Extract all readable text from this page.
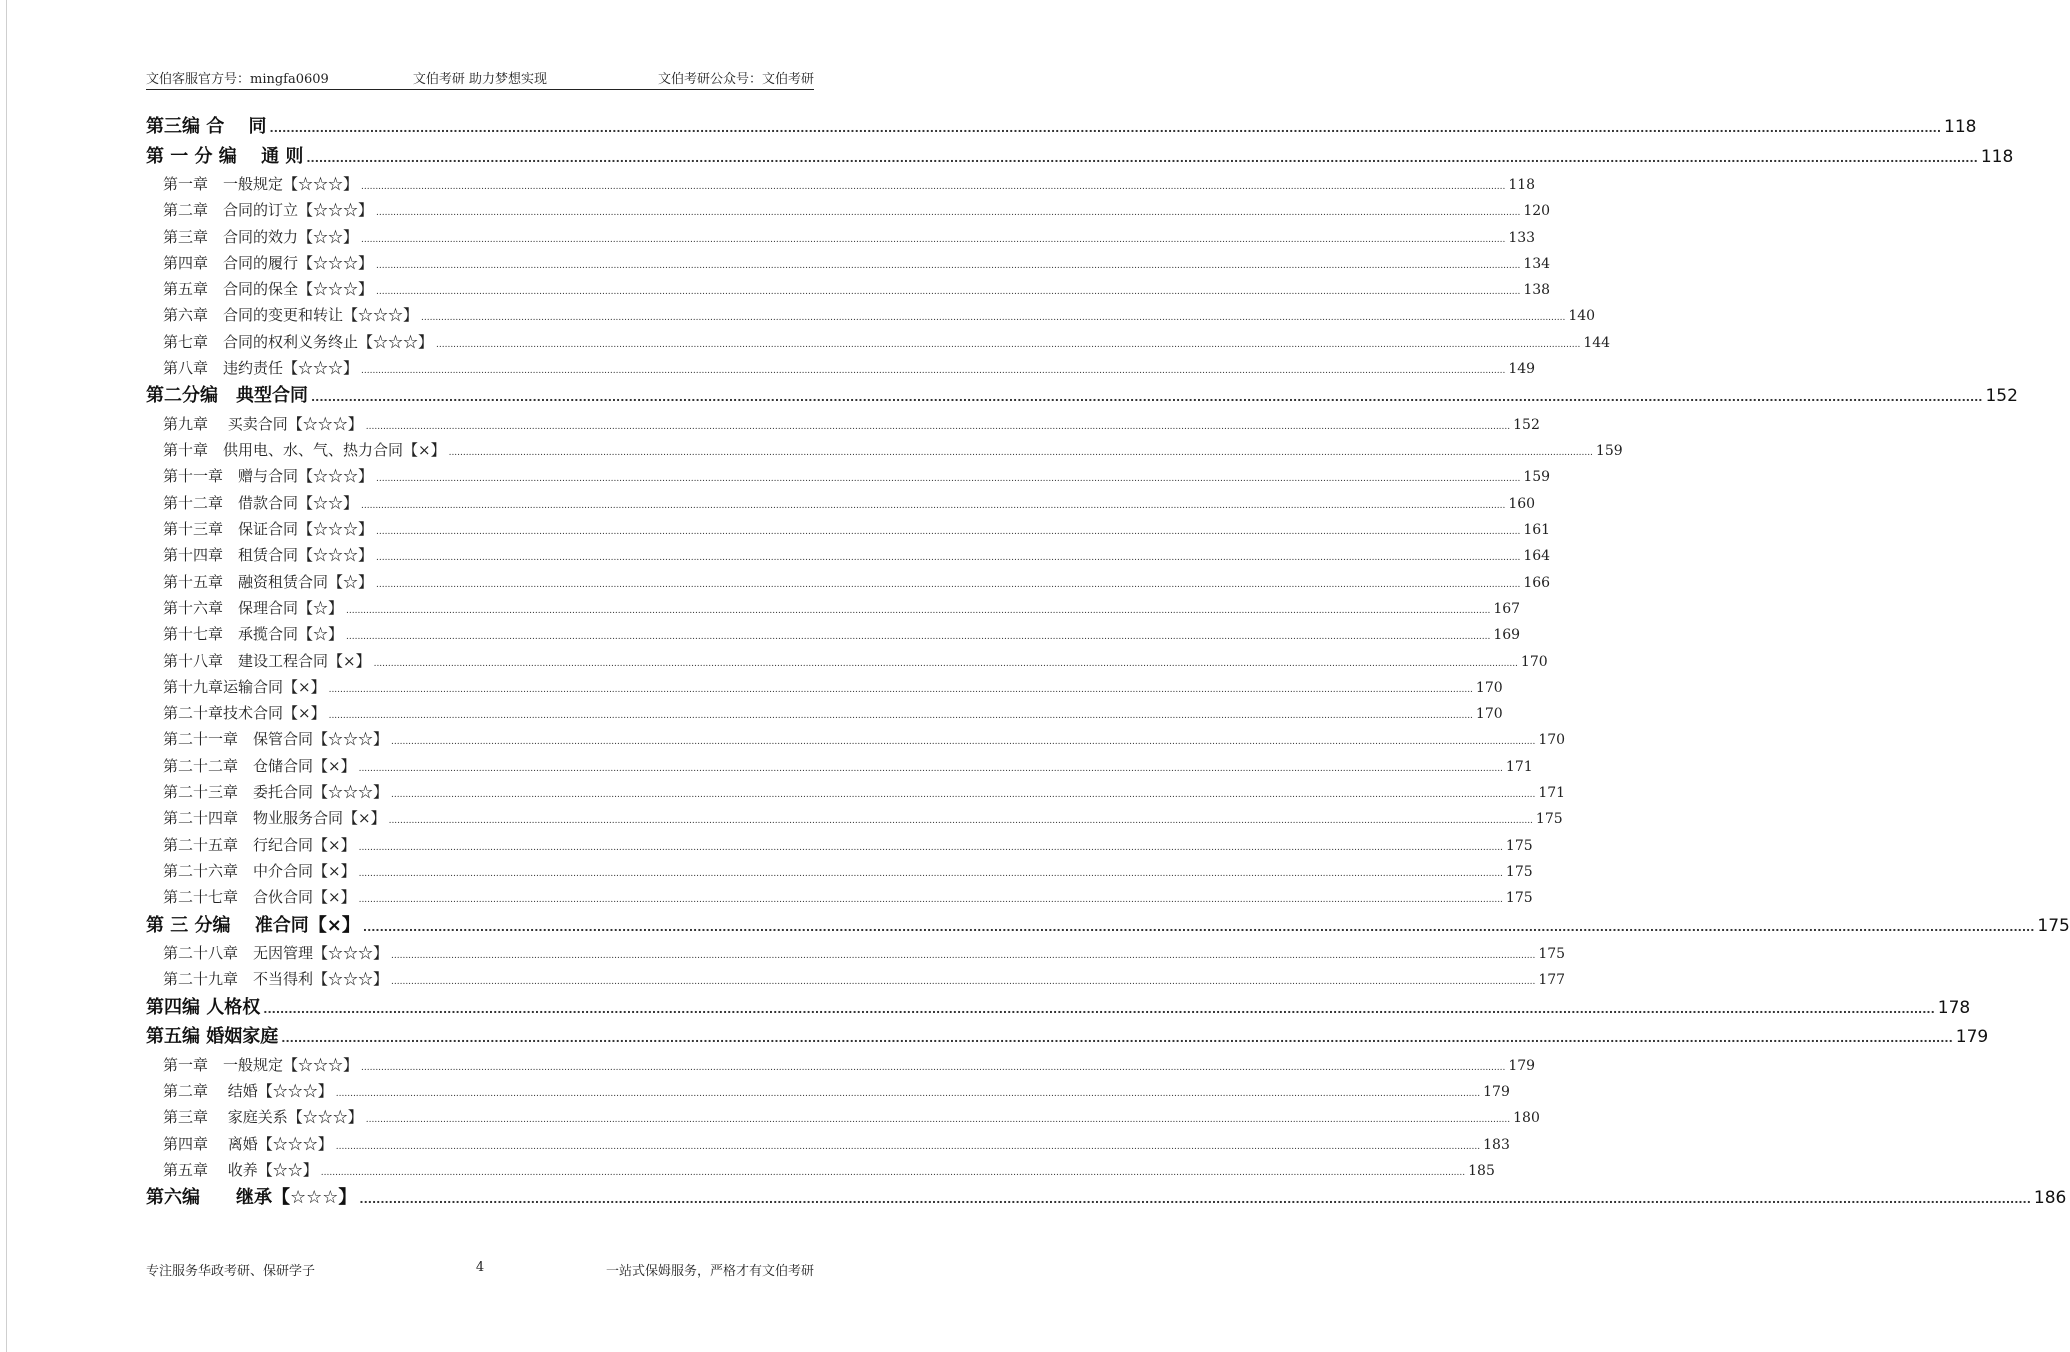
文伯客服官方号：mingfa0609	文伯考研 助力梦想实现	文伯考研公众号：文伯考研
第三编 合　 同 ................................................................................................................................................................................................................................................................................................................................................................................................................ 118
第 一 分 编　 通 则 ................................................................................................................................................................................................................................................................................................................................................................................................................ 118
第一章　一般规定【☆☆☆】 ................................................................................................................................................................................................................................................................................................................................................................................................................ 118
第二章　合同的订立【☆☆☆】 ................................................................................................................................................................................................................................................................................................................................................................................................................ 120
第三章　合同的效力【☆☆】 ................................................................................................................................................................................................................................................................................................................................................................................................................ 133
第四章　合同的履行【☆☆☆】 ................................................................................................................................................................................................................................................................................................................................................................................................................ 134
第五章　合同的保全【☆☆☆】 ................................................................................................................................................................................................................................................................................................................................................................................................................ 138
第六章　合同的变更和转让【☆☆☆】 ................................................................................................................................................................................................................................................................................................................................................................................................................ 140
第七章　合同的权利义务终止【☆☆☆】 ................................................................................................................................................................................................................................................................................................................................................................................................................ 144
第八章　违约责任【☆☆☆】 ................................................................................................................................................................................................................................................................................................................................................................................................................ 149
第二分编　典型合同 ................................................................................................................................................................................................................................................................................................................................................................................................................ 152
第九章　 买卖合同【☆☆☆】 ................................................................................................................................................................................................................................................................................................................................................................................................................ 152
第十章　供用电、水、气、热力合同【×】 ................................................................................................................................................................................................................................................................................................................................................................................................................ 159
第十一章　赠与合同【☆☆☆】 ................................................................................................................................................................................................................................................................................................................................................................................................................ 159
第十二章　借款合同【☆☆】 ................................................................................................................................................................................................................................................................................................................................................................................................................ 160
第十三章　保证合同【☆☆☆】 ................................................................................................................................................................................................................................................................................................................................................................................................................ 161
第十四章　租赁合同【☆☆☆】 ................................................................................................................................................................................................................................................................................................................................................................................................................ 164
第十五章　融资租赁合同【☆】 ................................................................................................................................................................................................................................................................................................................................................................................................................ 166
第十六章　保理合同【☆】 ................................................................................................................................................................................................................................................................................................................................................................................................................ 167
第十七章　承揽合同【☆】 ................................................................................................................................................................................................................................................................................................................................................................................................................ 169
第十八章　建设工程合同【×】 ................................................................................................................................................................................................................................................................................................................................................................................................................ 170
第十九章运输合同【×】 ................................................................................................................................................................................................................................................................................................................................................................................................................ 170
第二十章技术合同【×】 ................................................................................................................................................................................................................................................................................................................................................................................................................ 170
第二十一章　保管合同【☆☆☆】 ................................................................................................................................................................................................................................................................................................................................................................................................................ 170
第二十二章　仓储合同【×】 ................................................................................................................................................................................................................................................................................................................................................................................................................ 171
第二十三章　委托合同【☆☆☆】 ................................................................................................................................................................................................................................................................................................................................................................................................................ 171
第二十四章　物业服务合同【×】 ................................................................................................................................................................................................................................................................................................................................................................................................................ 175
第二十五章　行纪合同【×】 ................................................................................................................................................................................................................................................................................................................................................................................................................ 175
第二十六章　中介合同【×】 ................................................................................................................................................................................................................................................................................................................................................................................................................ 175
第二十七章　合伙合同【×】 ................................................................................................................................................................................................................................................................................................................................................................................................................ 175
第 三 分编　 准合同【×】 ................................................................................................................................................................................................................................................................................................................................................................................................................ 175
第二十八章　无因管理【☆☆☆】 ................................................................................................................................................................................................................................................................................................................................................................................................................ 175
第二十九章　不当得利【☆☆☆】 ................................................................................................................................................................................................................................................................................................................................................................................................................ 177
第四编 人格权 ................................................................................................................................................................................................................................................................................................................................................................................................................ 178
第五编 婚姻家庭 ................................................................................................................................................................................................................................................................................................................................................................................................................ 179
第一章　一般规定【☆☆☆】 ................................................................................................................................................................................................................................................................................................................................................................................................................ 179
第二章　 结婚【☆☆☆】 ................................................................................................................................................................................................................................................................................................................................................................................................................ 179
第三章　 家庭关系【☆☆☆】 ................................................................................................................................................................................................................................................................................................................................................................................................................ 180
第四章　 离婚【☆☆☆】 ................................................................................................................................................................................................................................................................................................................................................................................................................ 183
第五章　 收养【☆☆】 ................................................................................................................................................................................................................................................................................................................................................................................................................ 185
第六编　　继承【☆☆☆】 ................................................................................................................................................................................................................................................................................................................................................................................................................ 186
专注服务华政考研、保研学子	4	一站式保姆服务，严格才有文伯考研
